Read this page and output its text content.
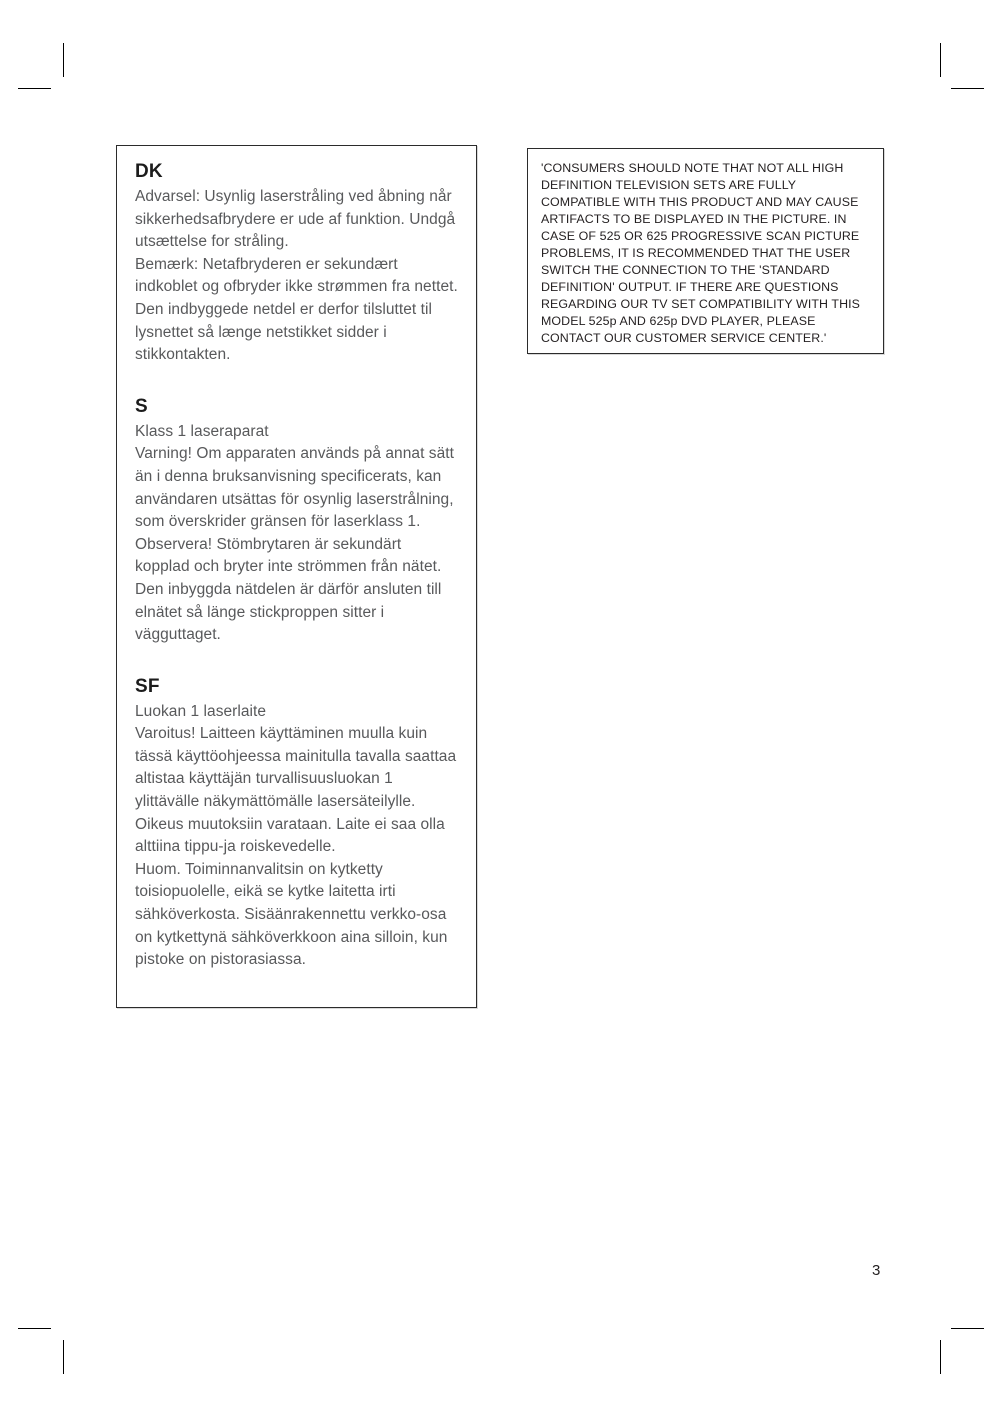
DK
Advarsel: Usynlig laserstråling ved åbning når sikkerhedsafbrydere er ude af funktion. Undgå utsættelse for stråling.
Bemærk: Netafbryderen er sekundært indkoblet og ofbryder ikke strømmen fra nettet. Den indbyggede netdel er derfor tilsluttet til lysnettet så længe netstikket sidder i stikkontakten.
S
Klass 1 laseraparat
Varning! Om apparaten används på annat sätt än i denna bruksanvisning specificerats, kan användaren utsättas för osynlig laserstrålning, som överskrider gränsen för laserklass 1.
Observera! Stömbrytaren är sekundärt kopplad och bryter inte strömmen från nätet. Den inbyggda nätdelen är därför ansluten till elnätet så länge stickproppen sitter i vägguttaget.
SF
Luokan 1 laserlaite
Varoitus! Laitteen käyttäminen muulla kuin tässä käyttöohjeessa mainitulla tavalla saattaa altistaa käyttäjän turvallisuusluokan 1 ylittävälle näkymättömälle lasersäteilylle.
Oikeus muutoksiin varataan. Laite ei saa olla alttiina tippu-ja roiskevedelle.
Huom. Toiminnanvalitsin on kytketty toisiopuolelle, eikä se kytke laitetta irti sähköverkosta. Sisäänrakennettu verkko-osa on kytkettynä sähköverkkoon aina silloin, kun pistoke on pistorasiassa.
'CONSUMERS SHOULD NOTE THAT NOT ALL HIGH DEFINITION TELEVISION SETS ARE FULLY COMPATIBLE WITH THIS PRODUCT AND MAY CAUSE ARTIFACTS TO BE DISPLAYED IN THE PICTURE. IN CASE OF 525 OR 625 PROGRESSIVE SCAN PICTURE PROBLEMS, IT IS RECOMMENDED THAT THE USER SWITCH THE CONNECTION TO THE 'STANDARD DEFINITION' OUTPUT. IF THERE ARE QUESTIONS REGARDING OUR TV SET COMPATIBILITY WITH THIS MODEL 525p AND 625p DVD PLAYER, PLEASE CONTACT OUR CUSTOMER SERVICE CENTER.'
3
